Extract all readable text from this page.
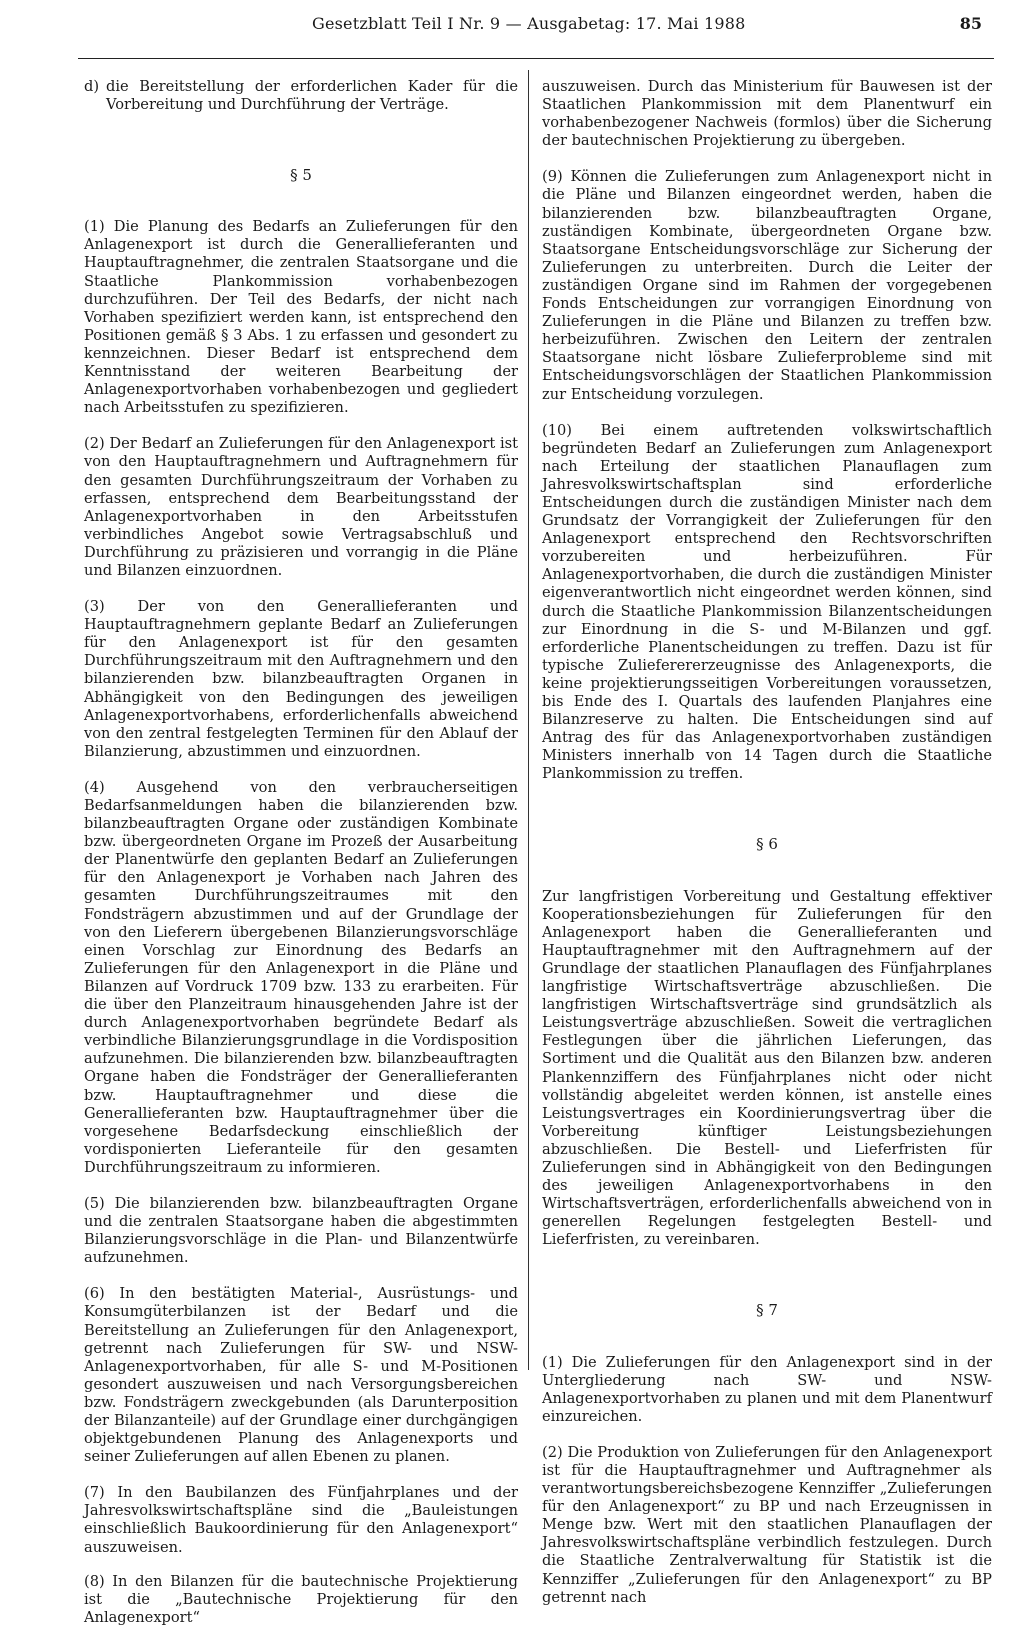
Gesetzblatt Teil I Nr. 9 — Ausgabetag: 17. Mai 1988	85
d) die Bereitstellung der erforderlichen Kader für die Vorbereitung und Durchführung der Verträge.
§ 5

(1) Die Planung des Bedarfs an Zulieferungen für den Anlagenexport ist durch die Generallieferanten und Hauptauftragnehmer, die zentralen Staatsorgane und die Staatliche Plankommission vorhabenbezogen durchzuführen. Der Teil des Bedarfs, der nicht nach Vorhaben spezifiziert werden kann, ist entsprechend den Positionen gemäß § 3 Abs. 1 zu erfassen und gesondert zu kennzeichnen. Dieser Bedarf ist entsprechend dem Kenntnisstand der weiteren Bearbeitung der Anlagenexportvorhaben vorhabenbezogen und gegliedert nach Arbeitsstufen zu spezifizieren.

(2) Der Bedarf an Zulieferungen für den Anlagenexport ist von den Hauptauftragnehmern und Auftragnehmern für den gesamten Durchführungszeitraum der Vorhaben zu erfassen, entsprechend dem Bearbeitungsstand der Anlagenexportvorhaben in den Arbeitsstufen verbindliches Angebot sowie Vertragsabschluß und Durchführung zu präzisieren und vorrangig in die Pläne und Bilanzen einzuordnen.

(3) Der von den Generallieferanten und Hauptauftragnehmern geplante Bedarf an Zulieferungen für den Anlagenexport ist für den gesamten Durchführungszeitraum mit den Auftragnehmern und den bilanzierenden bzw. bilanzbeauftragten Organen in Abhängigkeit von den Bedingungen des jeweiligen Anlagenexportvorhabens, erforderlichenfalls abweichend von den zentral festgelegten Terminen für den Ablauf der Bilanzierung, abzustimmen und einzuordnen.

(4) Ausgehend von den verbraucherseitigen Bedarfsanmeldungen haben die bilanzierenden bzw. bilanzbeauftragten Organe oder zuständigen Kombinate bzw. übergeordneten Organe im Prozeß der Ausarbeitung der Planentwürfe den geplanten Bedarf an Zulieferungen für den Anlagenexport je Vorhaben nach Jahren des gesamten Durchführungszeitraumes mit den Fondsträgern abzustimmen und auf der Grundlage der von den Lieferern übergebenen Bilanzierungsvorschläge einen Vorschlag zur Einordnung des Bedarfs an Zulieferungen für den Anlagenexport in die Pläne und Bilanzen auf Vordruck 1709 bzw. 133 zu erarbeiten. Für die über den Planzeitraum hinausgehenden Jahre ist der durch Anlagenexportvorhaben begründete Bedarf als verbindliche Bilanzierungsgrundlage in die Vordisposition aufzunehmen. Die bilanzierenden bzw. bilanzbeauftragten Organe haben die Fondsträger der Generallieferanten bzw. Hauptauftragnehmer und diese die Generallieferanten bzw. Hauptauftragnehmer über die vorgesehene Bedarfsdeckung einschließlich der vordisponierten Lieferanteile für den gesamten Durchführungszeitraum zu informieren.

(5) Die bilanzierenden bzw. bilanzbeauftragten Organe und die zentralen Staatsorgane haben die abgestimmten Bilanzierungsvorschläge in die Plan- und Bilanzentwürfe aufzunehmen.

(6) In den bestätigten Material-, Ausrüstungs- und Konsumgüterbilanzen ist der Bedarf und die Bereitstellung an Zulieferungen für den Anlagenexport, getrennt nach Zulieferungen für SW- und NSW-Anlagenexportvorhaben, für alle S- und M-Positionen gesondert auszuweisen und nach Versorgungsbereichen bzw. Fondsträgern zweckgebunden (als Darunterposition der Bilanzanteile) auf der Grundlage einer durchgängigen objektgebundenen Planung des Anlagenexports und seiner Zulieferungen auf allen Ebenen zu planen.

(7) In den Baubilanzen des Fünfjahrplanes und der Jahresvolkswirtschaftspläne sind die „Bauleistungen einschließlich Baukoordinierung für den Anlagenexport“ auszuweisen.

(8) In den Bilanzen für die bautechnische Projektierung ist die „Bautechnische Projektierung für den Anlagenexport“

auszuweisen. Durch das Ministerium für Bauwesen ist der Staatlichen Plankommission mit dem Planentwurf ein vorhabenbezogener Nachweis (formlos) über die Sicherung der bautechnischen Projektierung zu übergeben.

(9) Können die Zulieferungen zum Anlagenexport nicht in die Pläne und Bilanzen eingeordnet werden, haben die bilanzierenden bzw. bilanzbeauftragten Organe, zuständigen Kombinate, übergeordneten Organe bzw. Staatsorgane Entscheidungsvorschläge zur Sicherung der Zulieferungen zu unterbreiten. Durch die Leiter der zuständigen Organe sind im Rahmen der vorgegebenen Fonds Entscheidungen zur vorrangigen Einordnung von Zulieferungen in die Pläne und Bilanzen zu treffen bzw. herbeizuführen. Zwischen den Leitern der zentralen Staatsorgane nicht lösbare Zulieferprobleme sind mit Entscheidungsvorschlägen der Staatlichen Plankommission zur Entscheidung vorzulegen.

(10) Bei einem auftretenden volkswirtschaftlich begründeten Bedarf an Zulieferungen zum Anlagenexport nach Erteilung der staatlichen Planauflagen zum Jahresvolkswirtschaftsplan sind erforderliche Entscheidungen durch die zuständigen Minister nach dem Grundsatz der Vorrangigkeit der Zulieferungen für den Anlagenexport entsprechend den Rechtsvorschriften vorzubereiten und herbeizuführen. Für Anlagenexportvorhaben, die durch die zuständigen Minister eigenverantwortlich nicht eingeordnet werden können, sind durch die Staatliche Plankommission Bilanzentscheidungen zur Einordnung in die S- und M-Bilanzen und ggf. erforderliche Planentscheidungen zu treffen. Dazu ist für typische Zulieferererzeugnisse des Anlagenexports, die keine projektierungsseitigen Vorbereitungen voraussetzen, bis Ende des I. Quartals des laufenden Planjahres eine Bilanzreserve zu halten. Die Entscheidungen sind auf Antrag des für das Anlagenexportvorhaben zuständigen Ministers innerhalb von 14 Tagen durch die Staatliche Plankommission zu treffen.

§ 6

Zur langfristigen Vorbereitung und Gestaltung effektiver Kooperationsbeziehungen für Zulieferungen für den Anlagenexport haben die Generallieferanten und Hauptauftragnehmer mit den Auftragnehmern auf der Grundlage der staatlichen Planauflagen des Fünfjahrplanes langfristige Wirtschaftsverträge abzuschließen. Die langfristigen Wirtschaftsverträge sind grundsätzlich als Leistungsverträge abzuschließen. Soweit die vertraglichen Festlegungen über die jährlichen Lieferungen, das Sortiment und die Qualität aus den Bilanzen bzw. anderen Plankennziffern des Fünfjahrplanes nicht oder nicht vollständig abgeleitet werden können, ist anstelle eines Leistungsvertrages ein Koordinierungsvertrag über die Vorbereitung künftiger Leistungsbeziehungen abzuschließen. Die Bestell- und Lieferfristen für Zulieferungen sind in Abhängigkeit von den Bedingungen des jeweiligen Anlagenexportvorhabens in den Wirtschaftsverträgen, erforderlichenfalls abweichend von in generellen Regelungen festgelegten Bestell- und Lieferfristen, zu vereinbaren.

§ 7

(1) Die Zulieferungen für den Anlagenexport sind in der Untergliederung nach SW- und NSW-Anlagenexportvorhaben zu planen und mit dem Planentwurf einzureichen.

(2) Die Produktion von Zulieferungen für den Anlagenexport ist für die Hauptauftragnehmer und Auftragnehmer als verantwortungsbereichsbezogene Kennziffer „Zulieferungen für den Anlagenexport“ zu BP und nach Erzeugnissen in Menge bzw. Wert mit den staatlichen Planauflagen der Jahresvolkswirtschaftspläne verbindlich festzulegen. Durch die Staatliche Zentralverwaltung für Statistik ist die Kennziffer „Zulieferungen für den Anlagenexport“ zu BP getrennt nach
